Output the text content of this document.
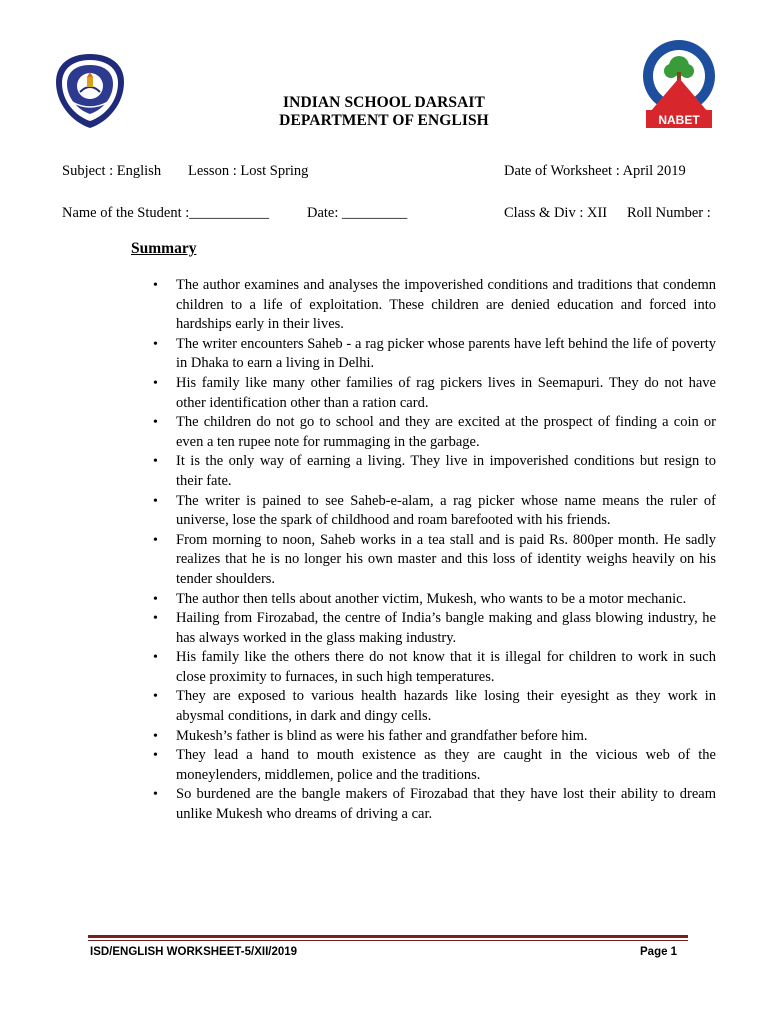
NABET
INDIAN SCHOOL DARSAIT
DEPARTMENT OF ENGLISH
Subject : English Lesson : Lost Spring	Date of Worksheet : April 2019
Name of the Student :___________	Date: _________	Class & Div : XII Roll Number :
Summary
• The author examines and analyses the impoverished conditions and traditions that condemn children to a life of exploitation. These children are denied education and forced into hardships early in their lives.
• The writer encounters Saheb - a rag picker whose parents have left behind the life of poverty in Dhaka to earn a living in Delhi.
• His family like many other families of rag pickers lives in Seemapuri. They do not have other identification other than a ration card.
• The children do not go to school and they are excited at the prospect of finding a coin or even a ten rupee note for rummaging in the garbage.
• It is the only way of earning a living. They live in impoverished conditions but resign to their fate.
• The writer is pained to see Saheb-e-alam, a rag picker whose name means the ruler of universe, lose the spark of childhood and roam barefooted with his friends.
• From morning to noon, Saheb works in a tea stall and is paid Rs. 800per month. He sadly realizes that he is no longer his own master and this loss of identity weighs heavily on his tender shoulders.
• The author then tells about another victim, Mukesh, who wants to be a motor mechanic.
• Hailing from Firozabad, the centre of India’s bangle making and glass blowing industry, he has always worked in the glass making industry.
• His family like the others there do not know that it is illegal for children to work in such close proximity to furnaces, in such high temperatures.
• They are exposed to various health hazards like losing their eyesight as they work in abysmal conditions, in dark and dingy cells.
• Mukesh’s father is blind as were his father and grandfather before him.
• They lead a hand to mouth existence as they are caught in the vicious web of the moneylenders, middlemen, police and the traditions.
• So burdened are the bangle makers of Firozabad that they have lost their ability to dream unlike Mukesh who dreams of driving a car.
ISD/ENGLISH WORKSHEET-5/XII/2019	Page 1
